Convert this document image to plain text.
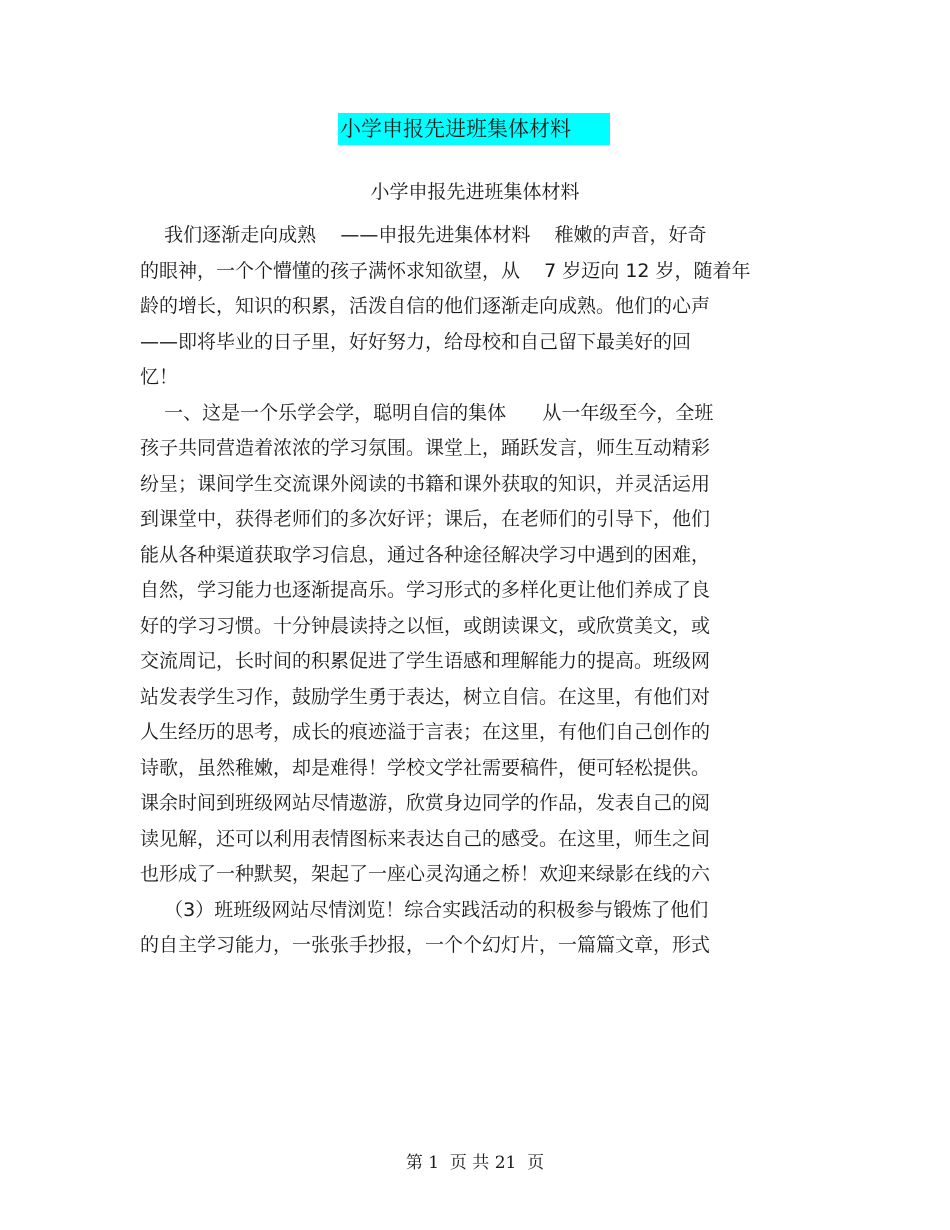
小学申报先进班集体材料
小学申报先进班集体材料
我们逐渐走向成熟    ——申报先进集体材料    稚嫩的声音，好奇
的眼神，一个个懵懂的孩子满怀求知欲望，从    7 岁迈向 12 岁，随着年
龄的增长，知识的积累，活泼自信的他们逐渐走向成熟。他们的心声
——即将毕业的日子里，好好努力，给母校和自己留下最美好的回
忆！
一、这是一个乐学会学，聪明自信的集体      从一年级至今，全班
孩子共同营造着浓浓的学习氛围。课堂上，踊跃发言，师生互动精彩
纷呈；课间学生交流课外阅读的书籍和课外获取的知识，并灵活运用
到课堂中，获得老师们的多次好评；课后，在老师们的引导下，他们
能从各种渠道获取学习信息，通过各种途径解决学习中遇到的困难，
自然，学习能力也逐渐提高乐。学习形式的多样化更让他们养成了良
好的学习习惯。十分钟晨读持之以恒，或朗读课文，或欣赏美文，或
交流周记，长时间的积累促进了学生语感和理解能力的提高。班级网
站发表学生习作，鼓励学生勇于表达，树立自信。在这里，有他们对
人生经历的思考，成长的痕迹溢于言表；在这里，有他们自己创作的
诗歌，虽然稚嫩，却是难得！学校文学社需要稿件，便可轻松提供。
课余时间到班级网站尽情遨游，欣赏身边同学的作品，发表自己的阅
读见解，还可以利用表情图标来表达自己的感受。在这里，师生之间
也形成了一种默契，架起了一座心灵沟通之桥！欢迎来绿影在线的六
（3）班班级网站尽情浏览！综合实践活动的积极参与锻炼了他们
的自主学习能力，一张张手抄报，一个个幻灯片，一篇篇文章，形式
第 1  页 共 21  页
